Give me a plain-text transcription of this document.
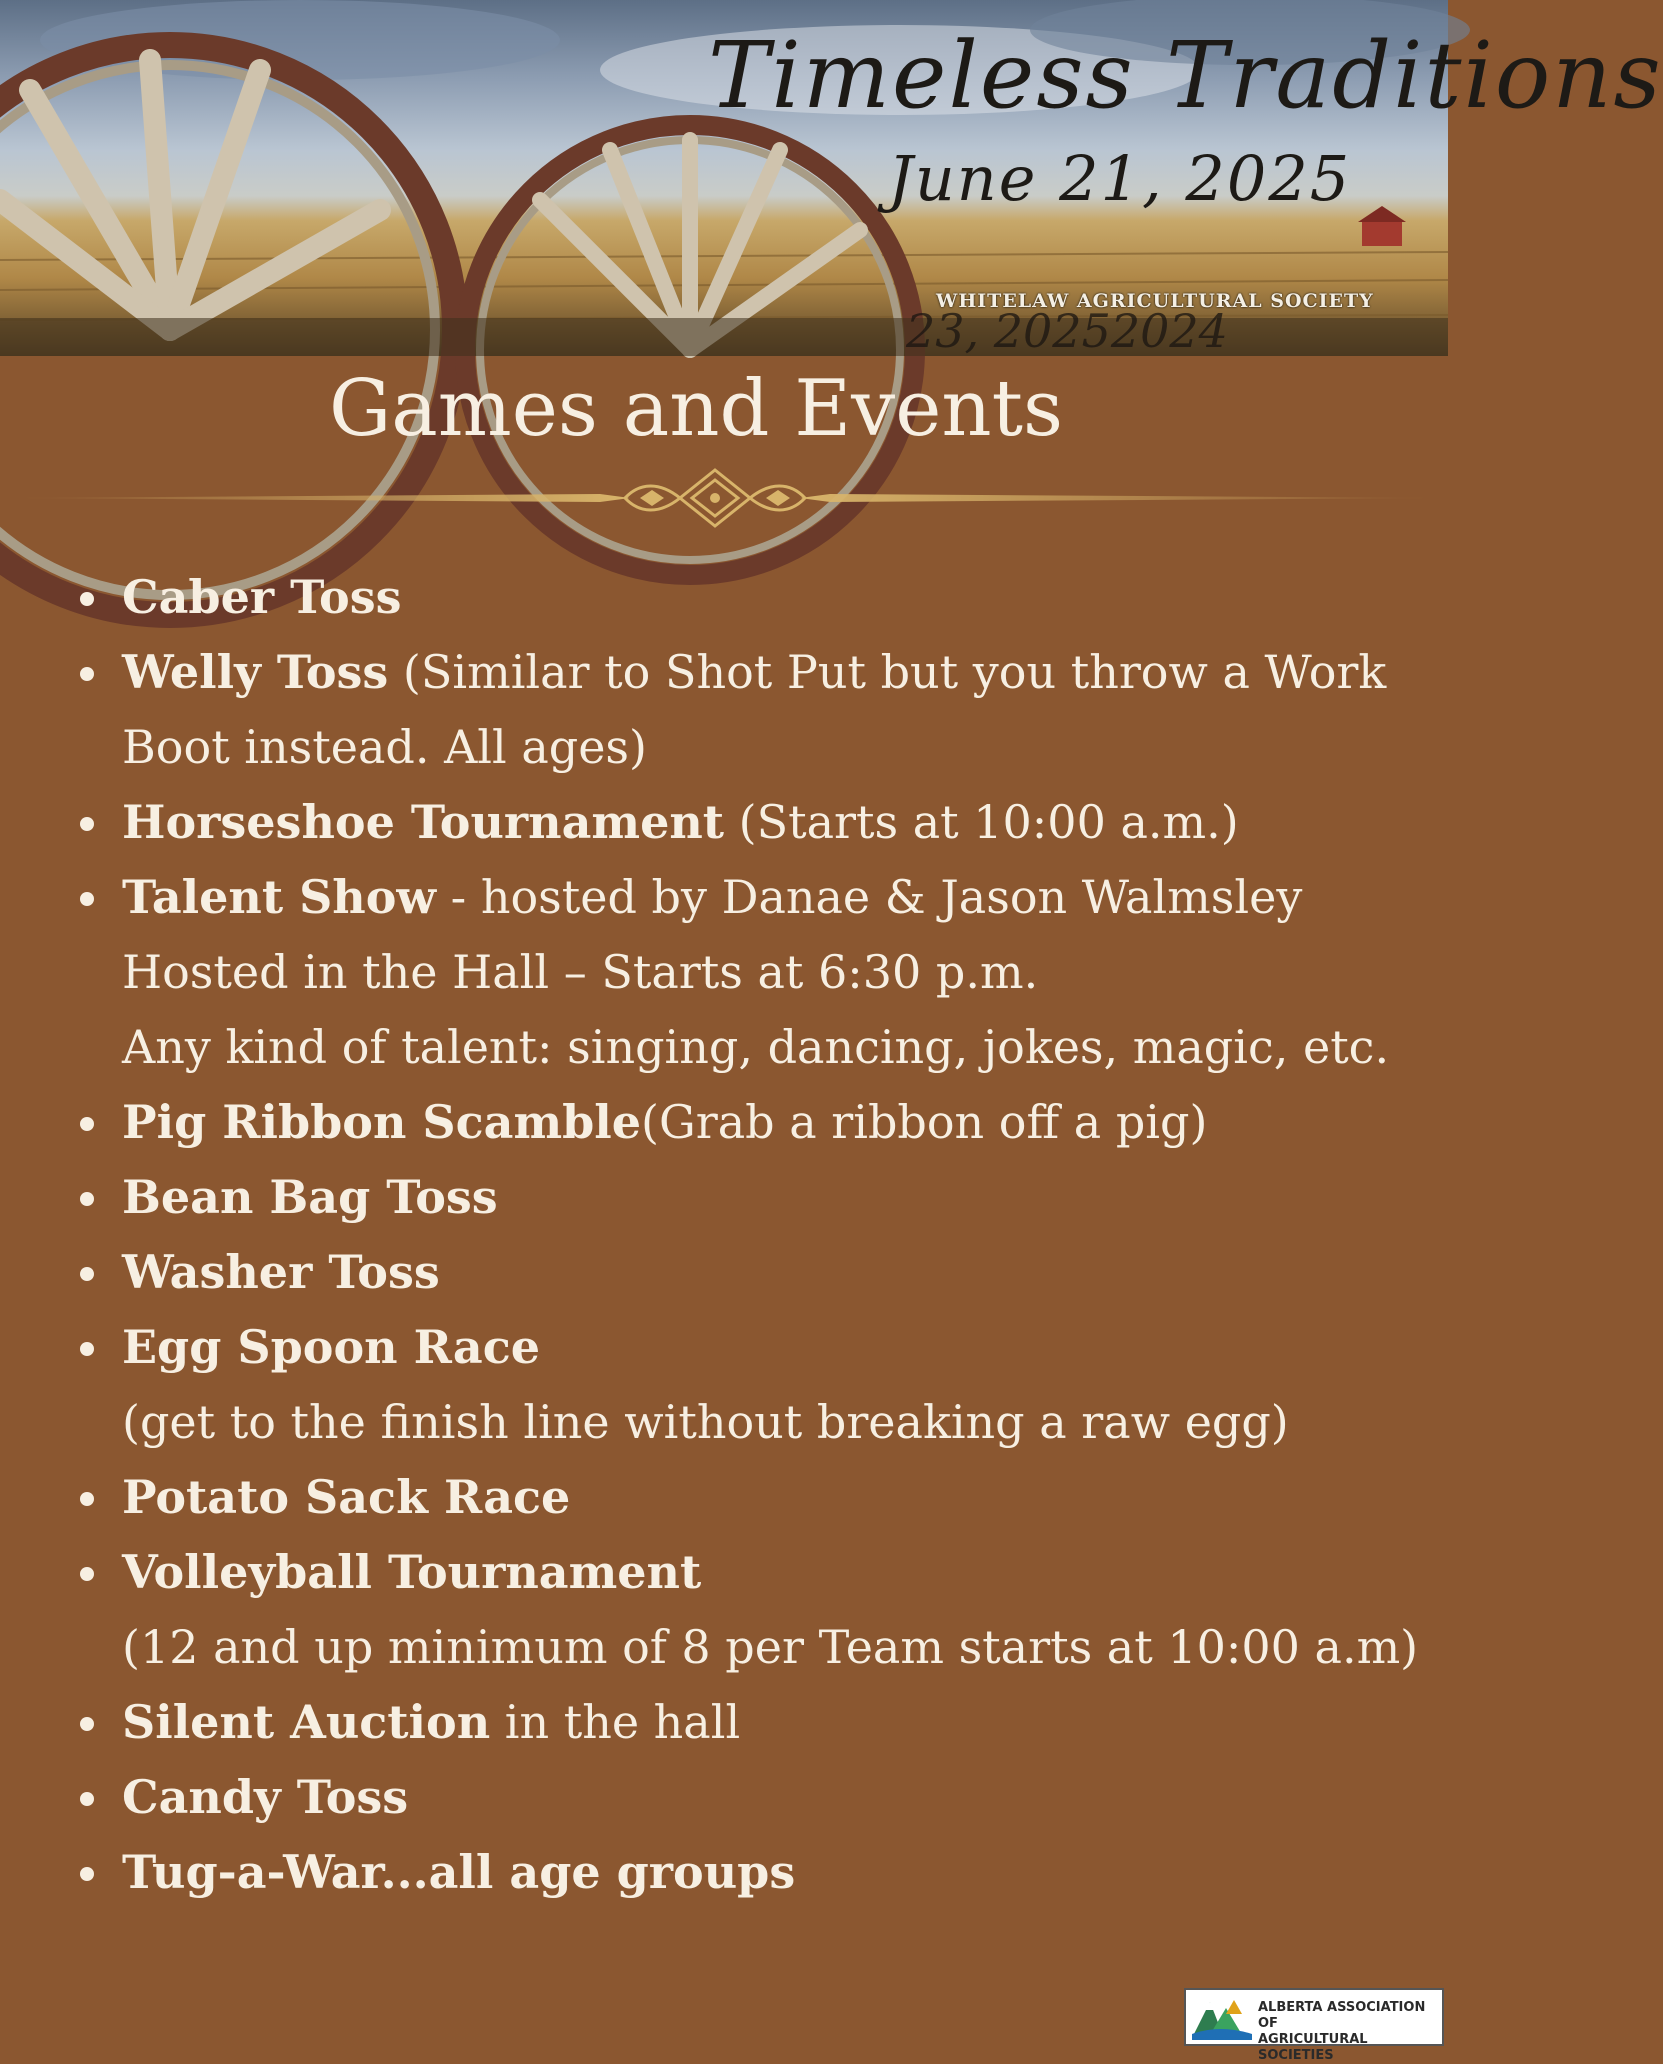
Timeless Traditions
June 21, 2025
23, 20252024
WHITELAW AGRICULTURAL SOCIETY
Games and Events
Caber Toss
Welly Toss (Similar to Shot Put but you throw a Work
Boot instead. All ages)
Horseshoe Tournament (Starts at 10:00 a.m.)
Talent Show - hosted by Danae & Jason Walmsley
Hosted in the Hall – Starts at 6:30 p.m.
Any kind of talent: singing, dancing, jokes, magic, etc.
Pig Ribbon Scamble(Grab a ribbon off a pig)
Bean Bag Toss
Washer Toss
Egg Spoon Race
(get to the finish line without breaking a raw egg)
Potato Sack Race
Volleyball Tournament
(12 and up minimum of 8 per Team starts at 10:00 a.m)
Silent Auction in the hall
Candy Toss
Tug-a-War...all age groups
ALBERTA ASSOCIATION OF
AGRICULTURAL SOCIETIES
